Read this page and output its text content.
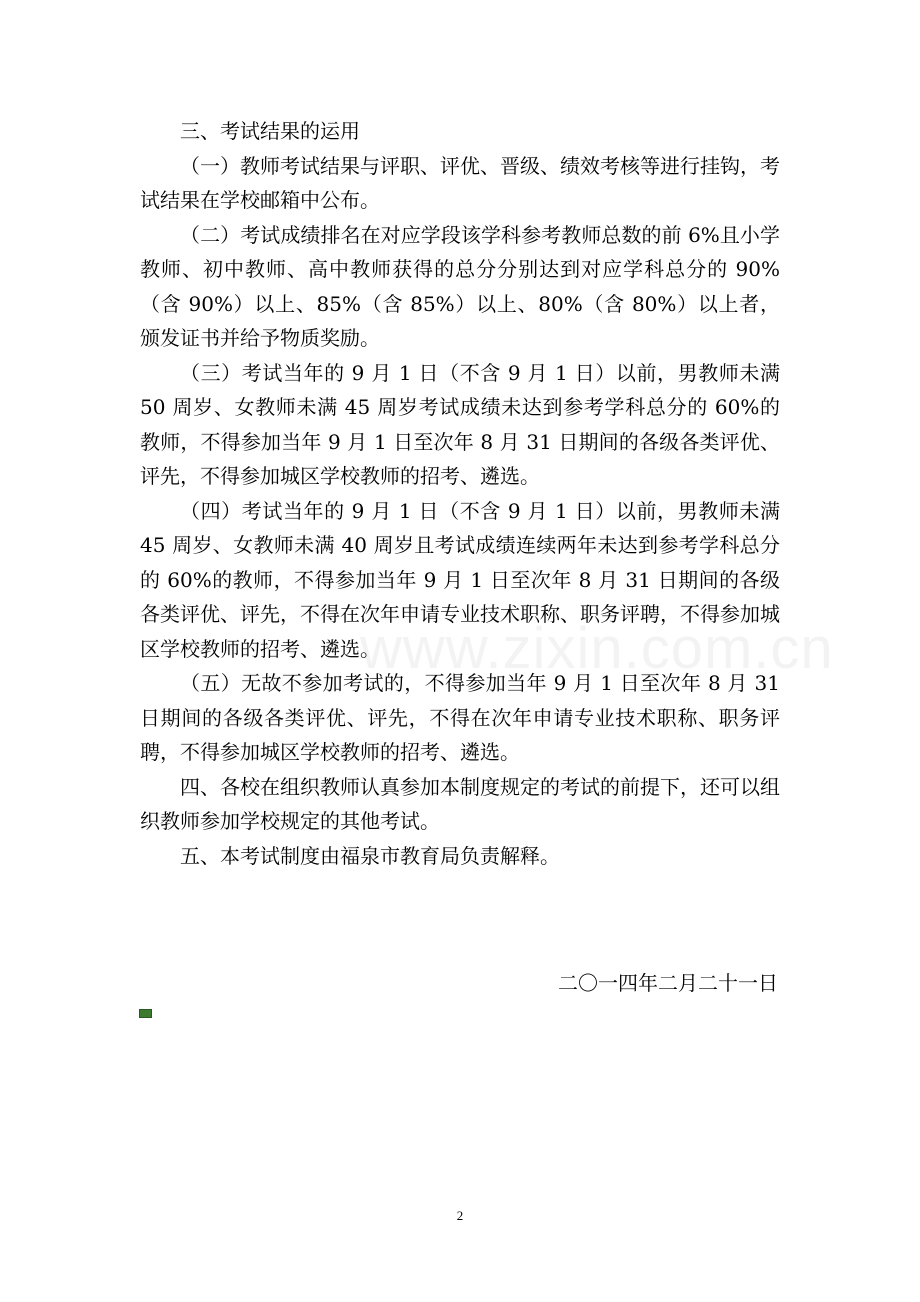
www.zixin.com.cn

三、考试结果的运用

（一）教师考试结果与评职、评优、晋级、绩效考核等进行挂钩，考试结果在学校邮箱中公布。

（二）考试成绩排名在对应学段该学科参考教师总数的前 6%且小学教师、初中教师、高中教师获得的总分分别达到对应学科总分的 90%（含 90%）以上、85%（含 85%）以上、80%（含 80%）以上者，颁发证书并给予物质奖励。

（三）考试当年的 9 月 1 日（不含 9 月 1 日）以前，男教师未满 50 周岁、女教师未满 45 周岁考试成绩未达到参考学科总分的 60%的教师，不得参加当年 9 月 1 日至次年 8 月 31 日期间的各级各类评优、评先，不得参加城区学校教师的招考、遴选。

（四）考试当年的 9 月 1 日（不含 9 月 1 日）以前，男教师未满 45 周岁、女教师未满 40 周岁且考试成绩连续两年未达到参考学科总分的 60%的教师，不得参加当年 9 月 1 日至次年 8 月 31 日期间的各级各类评优、评先，不得在次年申请专业技术职称、职务评聘，不得参加城区学校教师的招考、遴选。

（五）无故不参加考试的，不得参加当年 9 月 1 日至次年 8 月 31 日期间的各级各类评优、评先，不得在次年申请专业技术职称、职务评聘，不得参加城区学校教师的招考、遴选。

四、各校在组织教师认真参加本制度规定的考试的前提下，还可以组织教师参加学校规定的其他考试。

五、本考试制度由福泉市教育局负责解释。

二〇一四年二月二十一日
2
